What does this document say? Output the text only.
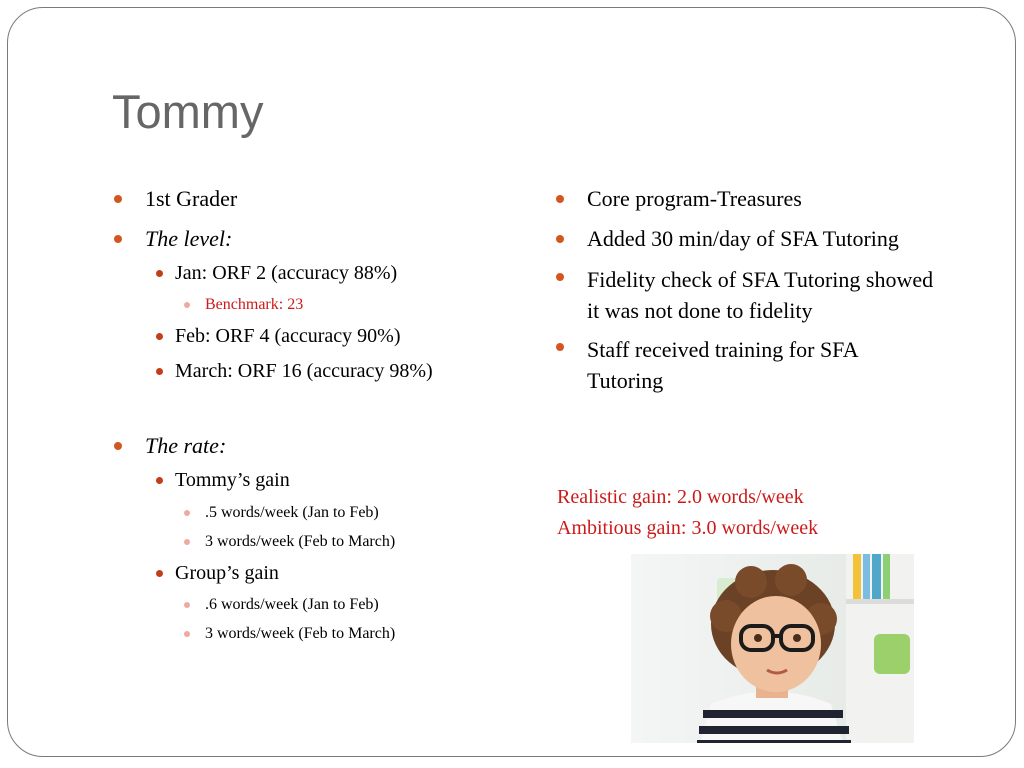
Tommy
1st Grader
The level:
Jan: ORF 2 (accuracy 88%)
Benchmark: 23
Feb: ORF 4 (accuracy 90%)
March: ORF 16 (accuracy 98%)
The rate:
Tommy’s gain
.5 words/week (Jan to Feb)
3 words/week (Feb to March)
Group’s gain
.6 words/week (Jan to Feb)
3 words/week (Feb to March)
Core program-Treasures
Added 30 min/day of SFA Tutoring
Fidelity check of SFA Tutoring showed it was not done to fidelity
Staff received training for SFA Tutoring
Realistic gain: 2.0 words/week
Ambitious gain: 3.0 words/week
